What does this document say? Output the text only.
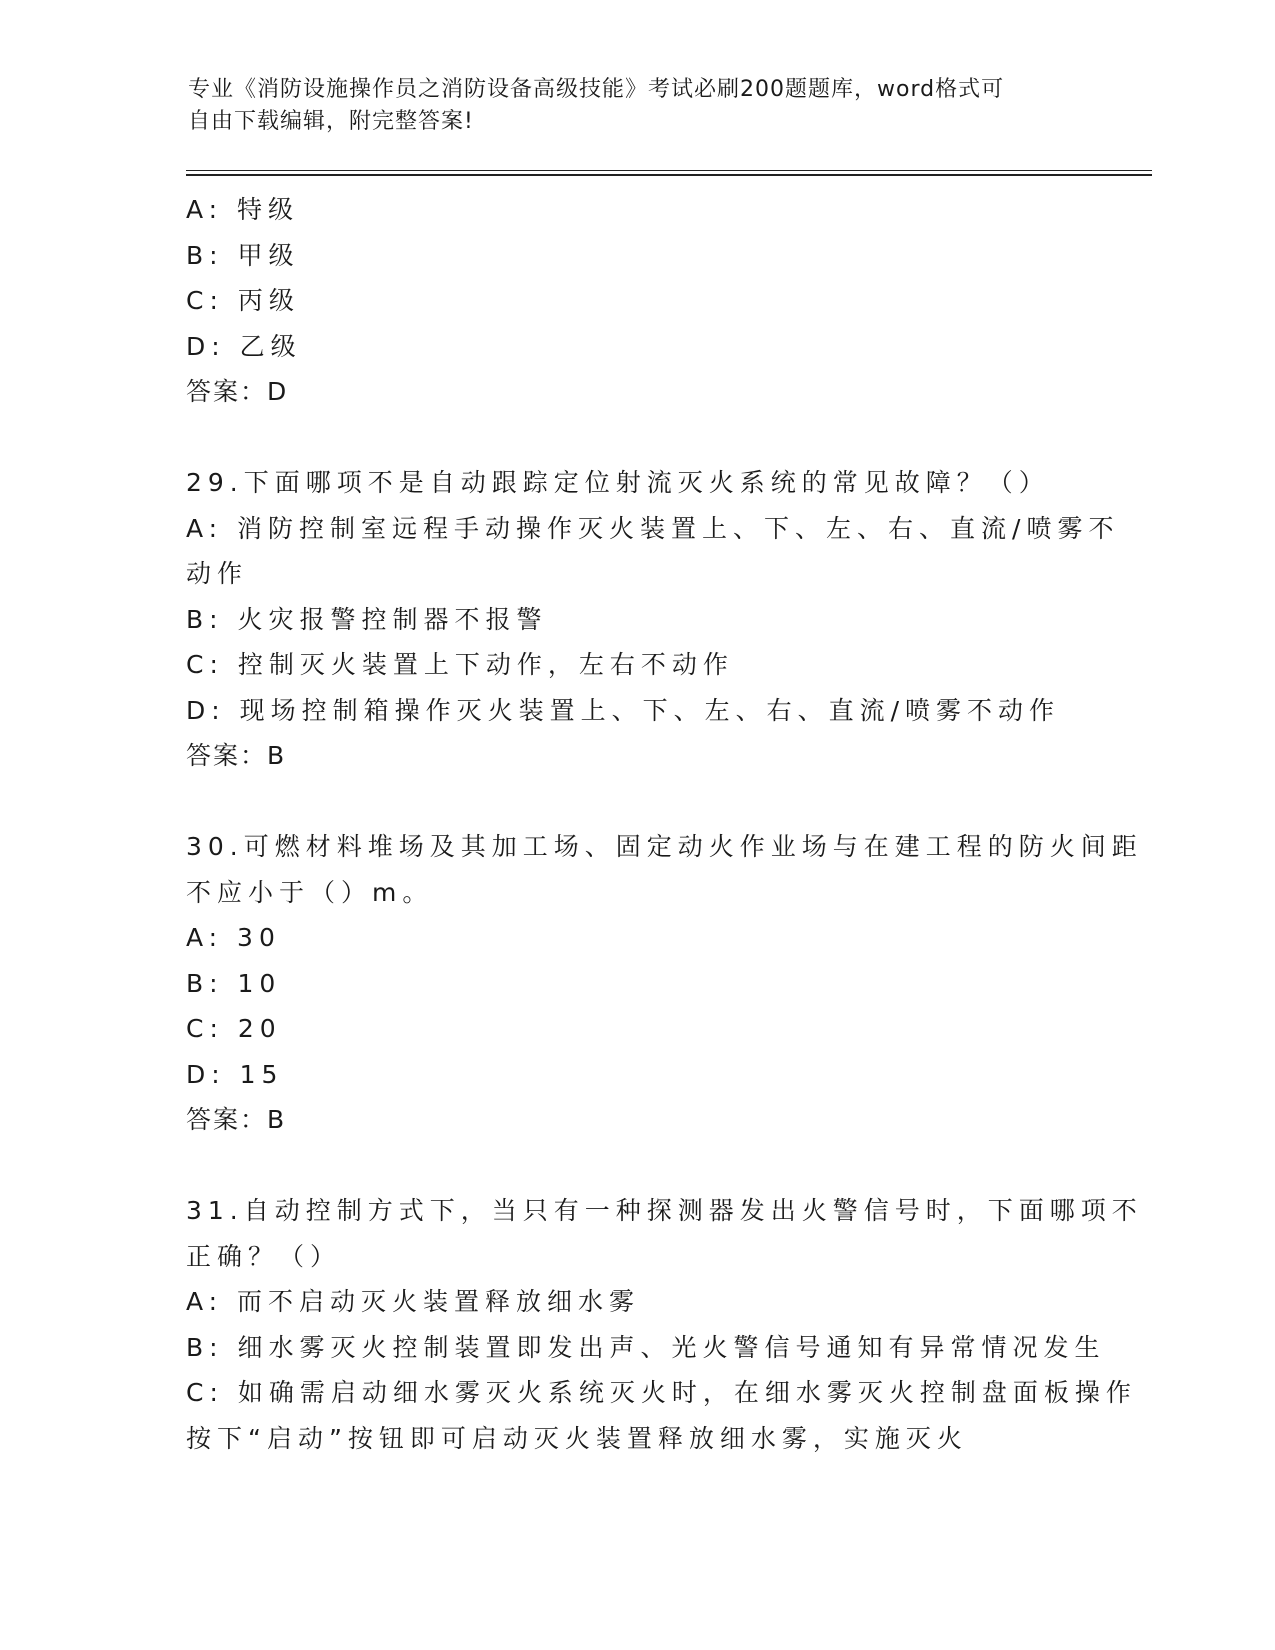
专业《消防设施操作员之消防设备高级技能》考试必刷200题题库，word格式可
自由下载编辑，附完整答案!
A: 特级
B: 甲级
C: 丙级
D: 乙级
答案：D
29.下面哪项不是自动跟踪定位射流灭火系统的常见故障？（）
A: 消防控制室远程手动操作灭火装置上、下、左、右、直流/喷雾不
动作
B: 火灾报警控制器不报警
C: 控制灭火装置上下动作，左右不动作
D: 现场控制箱操作灭火装置上、下、左、右、直流/喷雾不动作
答案：B
30.可燃材料堆场及其加工场、固定动火作业场与在建工程的防火间距
不应小于（）m。
A: 30
B: 10
C: 20
D: 15
答案：B
31.自动控制方式下，当只有一种探测器发出火警信号时，下面哪项不
正确？（）
A: 而不启动灭火装置释放细水雾
B: 细水雾灭火控制装置即发出声、光火警信号通知有异常情况发生
C: 如确需启动细水雾灭火系统灭火时，在细水雾灭火控制盘面板操作
按下“启动”按钮即可启动灭火装置释放细水雾，实施灭火
